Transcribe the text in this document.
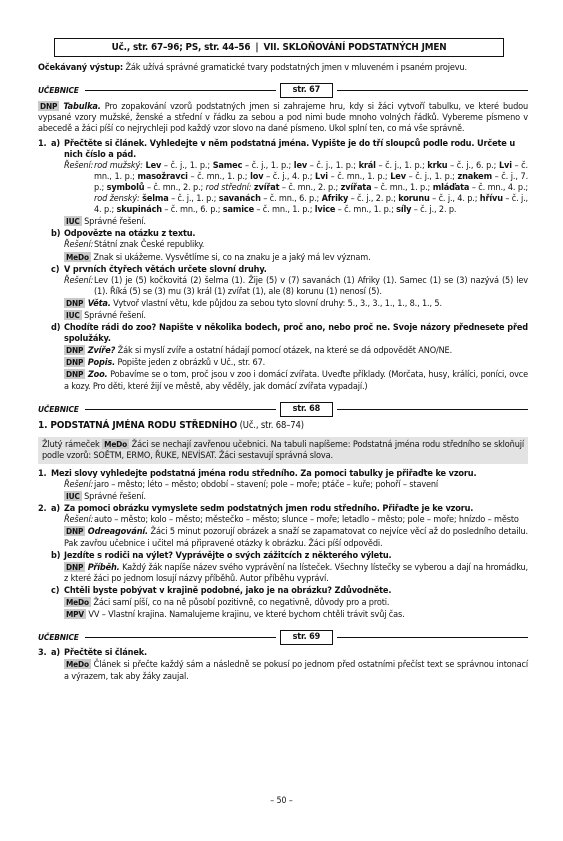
Uč., str. 67–96; PS, str. 44–56 | VII. SKLOŇOVÁNÍ PODSTATNÝCH JMEN

Očekávaný výstup: Žák užívá správné gramatické tvary podstatných jmen v mluveném i psaném projevu.

UČEBNICE	str. 67

DNP Tabulka. Pro zopakování vzorů podstatných jmen si zahrajeme hru, kdy si žáci vytvoří tabulku, ve které budou vypsané vzory mužské, ženské a střední v řádku za sebou a pod nimi bude mnoho volných řádků. Vybereme písmeno v abecedě a žáci píší co nejrychleji pod každý vzor slovo na dané písmeno. Ukol splní ten, co má vše správně.

1. a) Přečtěte si článek. Vyhledejte v něm podstatná jména. Vypište je do tří sloupců podle rodu. Určete u nich číslo a pád.
Řešení: rod mužský: Lev – č. j., 1. p.; Samec – č. j., 1. p.; lev – č. j., 1. p.; král – č. j., 1. p.; krku – č. j., 6. p.; Lvi – č. mn., 1. p.; masožravci – č. mn., 1. p.; lov – č. j., 4. p.; Lvi – č. mn., 1. p.; Lev – č. j., 1. p.; znakem – č. j., 7. p.; symbolů – č. mn., 2. p.; rod střední: zvířat – č. mn., 2. p.; zvířata – č. mn., 1. p.; mláďata – č. mn., 4. p.; rod ženský: šelma – č. j., 1. p.; savanách – č. mn., 6. p.; Afriky – č. j., 2. p.; korunu – č. j., 4. p.; hřívu – č. j., 4. p.; skupinách – č. mn., 6. p.; samice – č. mn., 1. p.; lvice – č. mn., 1. p.; síly – č. j., 2. p.

IUC Správné řešení.

b) Odpovězte na otázku z textu.
Řešení: Státní znak České republiky.

MeDo Znak si ukážeme. Vysvětlíme si, co na znaku je a jaký má lev význam.

c) V prvních čtyřech větách určete slovní druhy.
Řešení: Lev (1) je (5) kočkovitá (2) šelma (1). Žije (5) v (7) savanách (1) Afriky (1). Samec (1) se (3) nazývá (5) lev (1). Říká (5) se (3) mu (3) král (1) zvířat (1), ale (8) korunu (1) nenosí (5).

DNP Věta. Vytvoř vlastní větu, kde půjdou za sebou tyto slovní druhy: 5., 3., 3., 1., 1., 8., 1., 5.

IUC Správné řešení.

d) Chodíte rádi do zoo? Napište v několika bodech, proč ano, nebo proč ne. Svoje názory přednesete před spolužáky.

DNP Zvíře? Žák si myslí zvíře a ostatní hádají pomocí otázek, na které se dá odpovědět ANO/NE.

DNP Popis. Popište jeden z obrázků v Uč., str. 67.

DNP Zoo. Pobavíme se o tom, proč jsou v zoo i domácí zvířata. Uveďte příklady. (Morčata, husy, králíci, poníci, ovce a kozy. Pro děti, které žijí ve městě, aby věděly, jak domácí zvířata vypadají.)

UČEBNICE	str. 68

1. PODSTATNÁ JMÉNA RODU STŘEDNÍHO (Uč., str. 68–74)

Žlutý rámeček MeDo Žáci se nechají zavřenou učebnici. Na tabuli napíšeme: Podstatná jména rodu středního se skloňují podle vzorů: SOĚTM, ERMO, ŘUKE, NEVÍSAT. Žáci sestavují správná slova.
1. Mezi slovy vyhledejte podstatná jména rodu středního. Za pomoci tabulky je přiřaďte ke vzoru.
Řešení: jaro – město; léto – město; období – stavení; pole – moře; ptáče – kuře; pohoří – stavení

IUC Správné řešení.

2. a) Za pomoci obrázku vymyslete sedm podstatných jmen rodu středního. Přiřaďte je ke vzoru.
Řešení: auto – město; kolo – město; městečko – město; slunce – moře; letadlo – město; pole – moře; hnízdo – město

DNP Odreagování. Žáci 5 minut pozorují obrázek a snaží se zapamatovat co nejvíce věcí až do posledního detailu. Pak zavřou učebnice i učitel má připravené otázky k obrázku. Žáci píší odpovědi.

b) Jezdíte s rodiči na výlet? Vyprávějte o svých zážitcích z některého výletu.

DNP Příběh. Každý žák napíše název svého vyprávění na lísteček. Všechny lístečky se vyberou a dají na hromádku, z které žáci po jednom losují názvy příběhů. Autor příběhu vypráví.

c) Chtěli byste pobývat v krajině podobné, jako je na obrázku? Zdůvodněte.

MeDo Žáci samí píší, co na ně působí pozitivně, co negativně, důvody pro a proti.

MPV VV – Vlastní krajina. Namalujeme krajinu, ve které bychom chtěli trávit svůj čas.

UČEBNICE	str. 69
3. a) Přečtěte si článek.

MeDo Článek si přečte každý sám a následně se pokusí po jednom před ostatními přečíst text se správnou intonací a výrazem, tak aby žáky zaujal.

– 50 –
